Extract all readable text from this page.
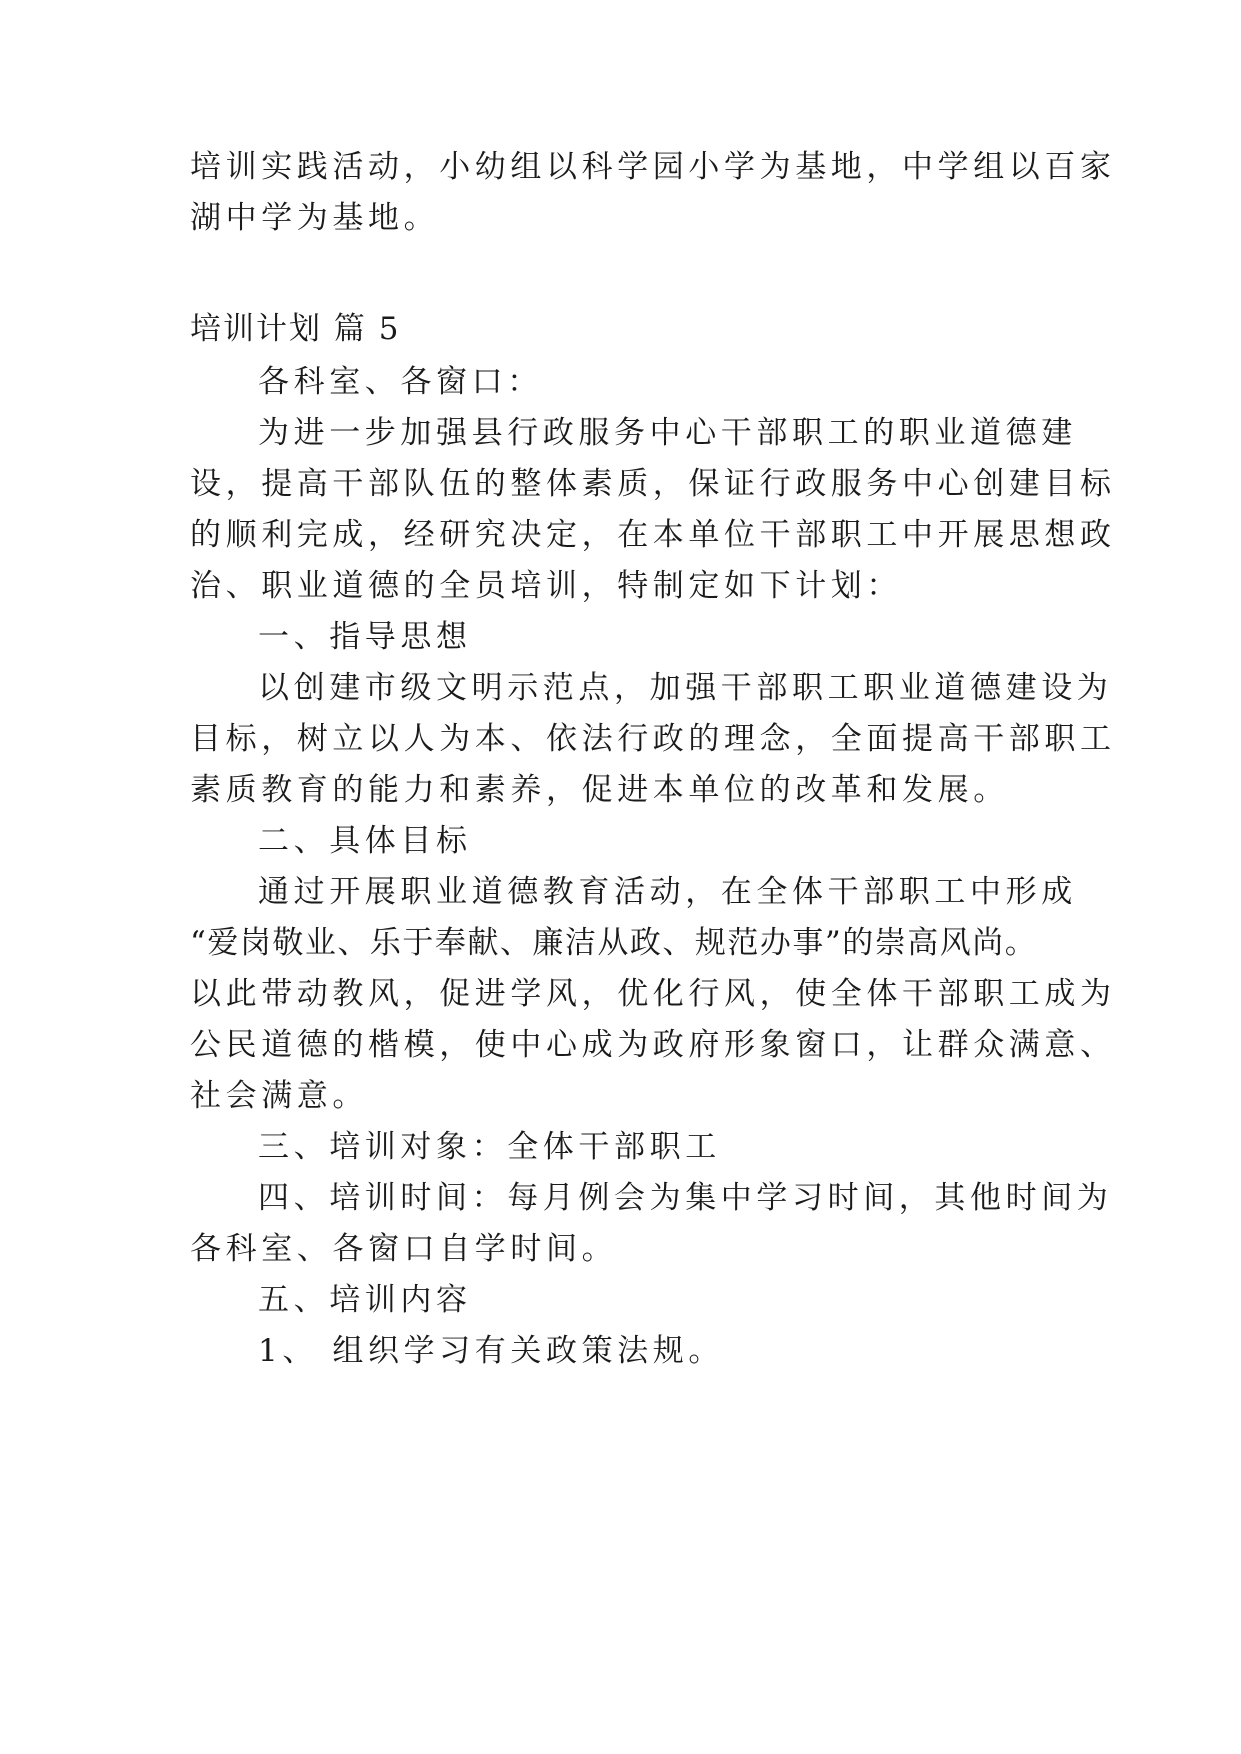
培训实践活动，小幼组以科学园小学为基地，中学组以百家
湖中学为基地。
培训计划 篇 5
各科室、各窗口：
为进一步加强县行政服务中心干部职工的职业道德建
设，提高干部队伍的整体素质，保证行政服务中心创建目标
的顺利完成，经研究决定，在本单位干部职工中开展思想政
治、职业道德的全员培训，特制定如下计划：
一、指导思想
以创建市级文明示范点，加强干部职工职业道德建设为
目标，树立以人为本、依法行政的理念，全面提高干部职工
素质教育的能力和素养，促进本单位的改革和发展。
二、具体目标
通过开展职业道德教育活动，在全体干部职工中形成
“爱岗敬业、乐于奉献、廉洁从政、规范办事”的崇高风尚。
以此带动教风，促进学风，优化行风，使全体干部职工成为
公民道德的楷模，使中心成为政府形象窗口，让群众满意、
社会满意。
三、培训对象：全体干部职工
四、培训时间：每月例会为集中学习时间，其他时间为
各科室、各窗口自学时间。
五、培训内容
1、 组织学习有关政策法规。
